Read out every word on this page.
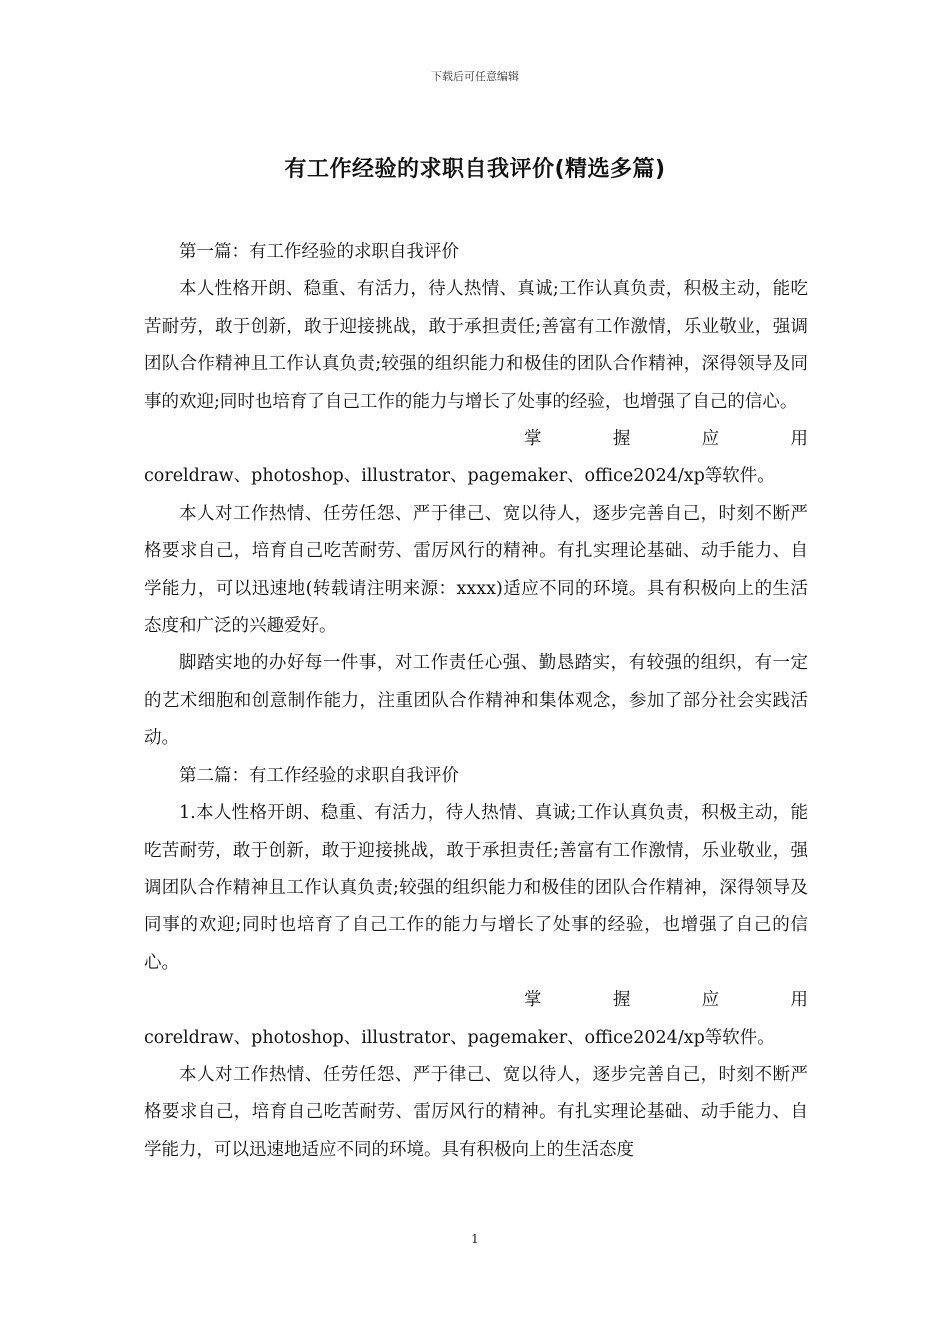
下载后可任意编辑
有工作经验的求职自我评价(精选多篇)

第一篇：有工作经验的求职自我评价

本人性格开朗、稳重、有活力，待人热情、真诚;工作认真负责，积极主动，能吃苦耐劳，敢于创新，敢于迎接挑战，敢于承担责任;善富有工作激情，乐业敬业，强调团队合作精神且工作认真负责;较强的组织能力和极佳的团队合作精神，深得领导及同事的欢迎;同时也培育了自己工作的能力与增长了处事的经验，也增强了自己的信心。

掌	握	应	用
coreldraw、photoshop、illustrator、pagemaker、office2024/xp等软件。

本人对工作热情、任劳任怨、严于律己、宽以待人，逐步完善自己，时刻不断严格要求自己，培育自己吃苦耐劳、雷厉风行的精神。有扎实理论基础、动手能力、自学能力，可以迅速地(转载请注明来源：xxxx)适应不同的环境。具有积极向上的生活态度和广泛的兴趣爱好。

脚踏实地的办好每一件事，对工作责任心强、勤恳踏实，有较强的组织，有一定的艺术细胞和创意制作能力，注重团队合作精神和集体观念，参加了部分社会实践活动。

第二篇：有工作经验的求职自我评价

1.本人性格开朗、稳重、有活力，待人热情、真诚;工作认真负责，积极主动，能吃苦耐劳，敢于创新，敢于迎接挑战，敢于承担责任;善富有工作激情，乐业敬业，强调团队合作精神且工作认真负责;较强的组织能力和极佳的团队合作精神，深得领导及同事的欢迎;同时也培育了自己工作的能力与增长了处事的经验，也增强了自己的信心。

掌	握	应	用
coreldraw、photoshop、illustrator、pagemaker、office2024/xp等软件。

本人对工作热情、任劳任怨、严于律己、宽以待人，逐步完善自己，时刻不断严格要求自己，培育自己吃苦耐劳、雷厉风行的精神。有扎实理论基础、动手能力、自学能力，可以迅速地适应不同的环境。具有积极向上的生活态度

1
